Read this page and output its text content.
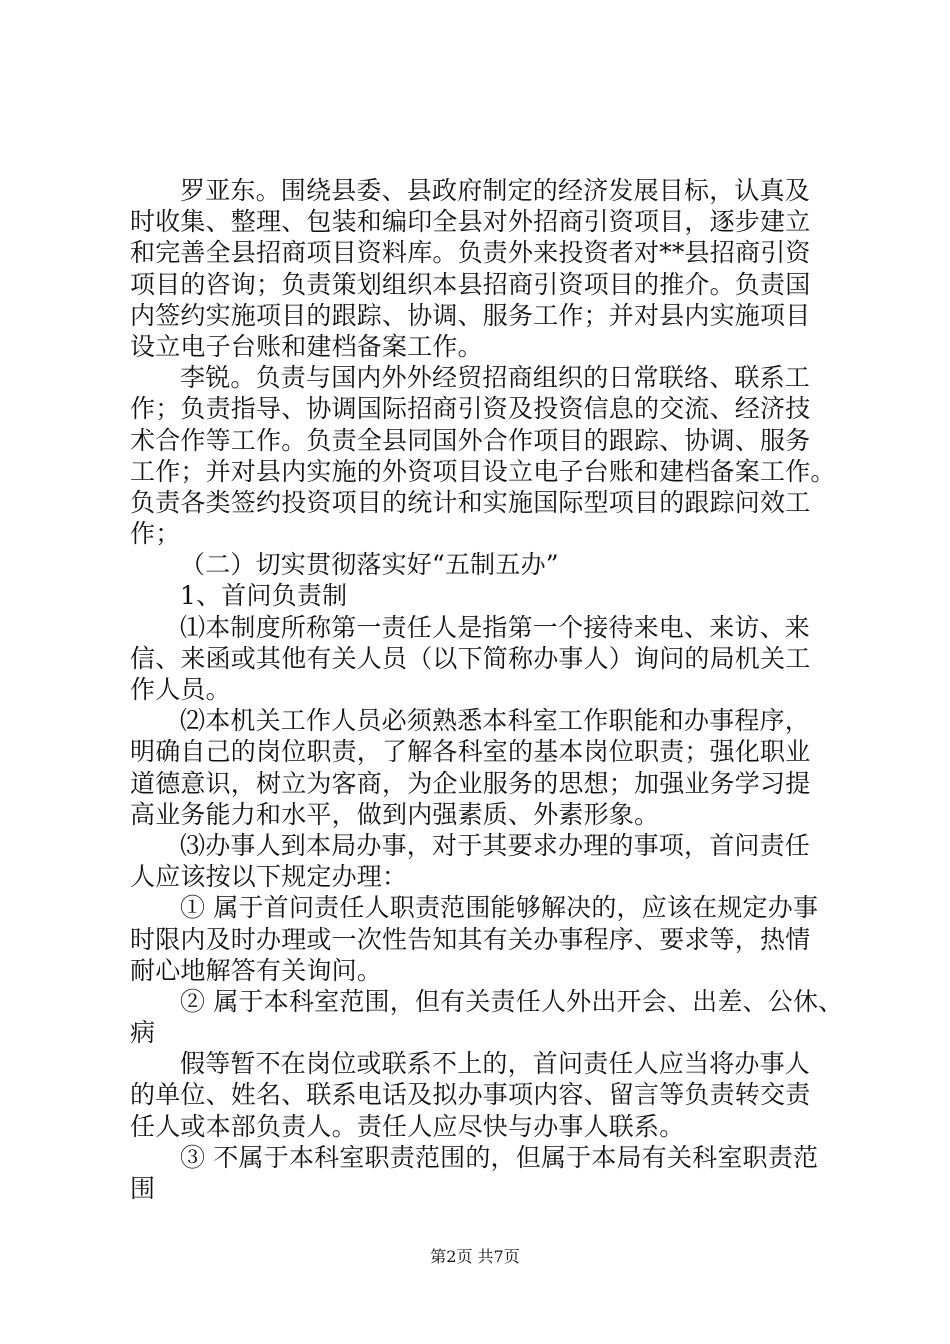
罗亚东。围绕县委、县政府制定的经济发展目标，认真及
时收集、整理、包装和编印全县对外招商引资项目，逐步建立
和完善全县招商项目资料库。负责外来投资者对**县招商引资
项目的咨询；负责策划组织本县招商引资项目的推介。负责国
内签约实施项目的跟踪、协调、服务工作；并对县内实施项目
设立电子台账和建档备案工作。
李锐。负责与国内外外经贸招商组织的日常联络、联系工
作；负责指导、协调国际招商引资及投资信息的交流、经济技
术合作等工作。负责全县同国外合作项目的跟踪、协调、服务
工作；并对县内实施的外资项目设立电子台账和建档备案工作。
负责各类签约投资项目的统计和实施国际型项目的跟踪问效工
作；
（二）切实贯彻落实好“五制五办”
1、首问负责制
⑴本制度所称第一责任人是指第一个接待来电、来访、来
信、来函或其他有关人员（以下简称办事人）询问的局机关工
作人员。
⑵本机关工作人员必须熟悉本科室工作职能和办事程序，
明确自己的岗位职责，了解各科室的基本岗位职责；强化职业
道德意识，树立为客商，为企业服务的思想；加强业务学习提
高业务能力和水平，做到内强素质、外素形象。
⑶办事人到本局办事，对于其要求办理的事项，首问责任
人应该按以下规定办理：
① 属于首问责任人职责范围能够解决的，应该在规定办事
时限内及时办理或一次性告知其有关办事程序、要求等，热情
耐心地解答有关询问。
② 属于本科室范围，但有关责任人外出开会、出差、公休、
病
假等暂不在岗位或联系不上的，首问责任人应当将办事人
的单位、姓名、联系电话及拟办事项内容、留言等负责转交责
任人或本部负责人。责任人应尽快与办事人联系。
③ 不属于本科室职责范围的，但属于本局有关科室职责范
围
第2页 共7页
